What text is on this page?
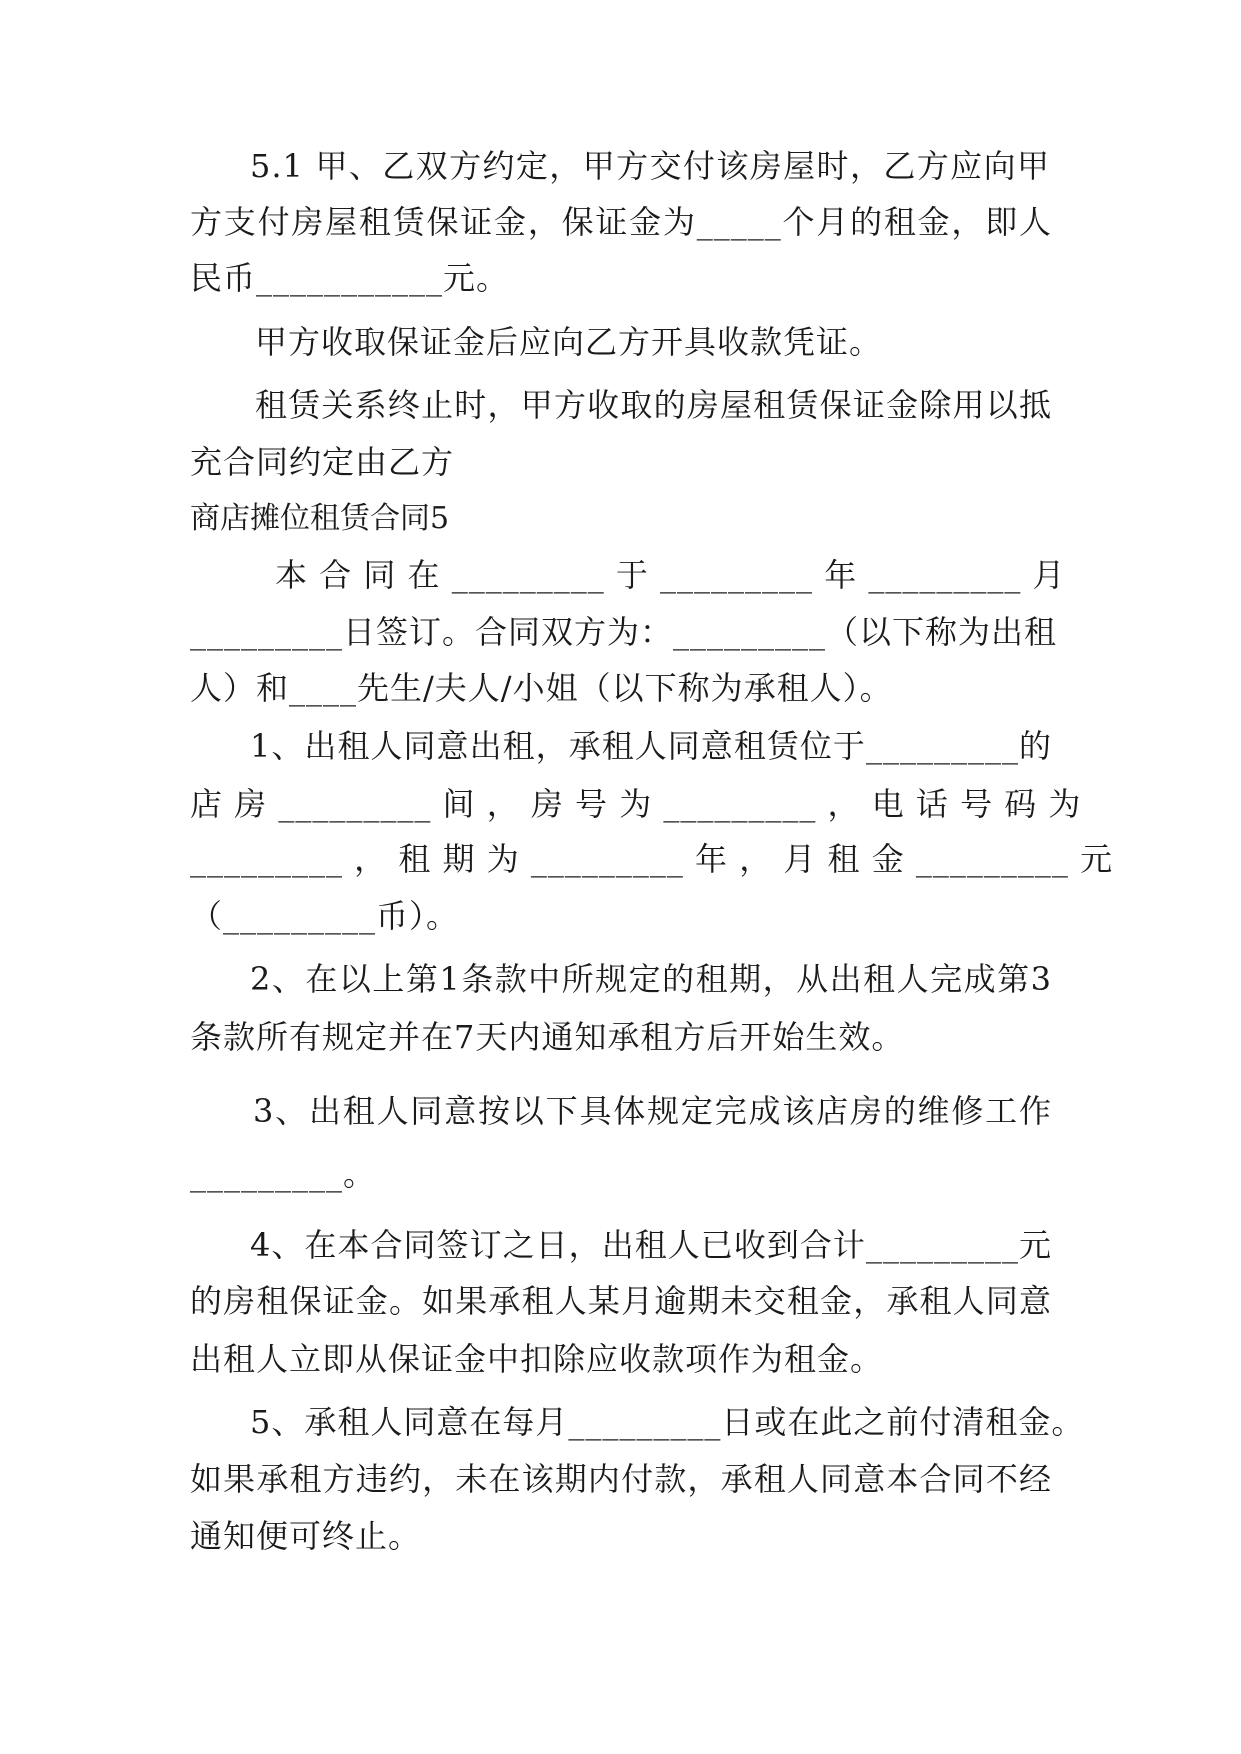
5.1 甲、乙双方约定，甲方交付该房屋时，乙方应向甲
方支付房屋租赁保证金，保证金为_____个月的租金，即人
民币___________元。
甲方收取保证金后应向乙方开具收款凭证。
租赁关系终止时，甲方收取的房屋租赁保证金除用以抵
充合同约定由乙方
商店摊位租赁合同5
本 合 同 在 _________ 于 _________ 年 _________ 月
_________日签订。合同双方为：_________（以下称为出租
人）和____先生/夫人/小姐（以下称为承租人）。
1、出租人同意出租，承租人同意租赁位于_________的
店 房 _________ 间 ， 房 号 为 _________ ， 电 话 号 码 为
_________ ， 租 期 为 _________ 年 ， 月 租 金 _________ 元
（_________币）。
2、在以上第1条款中所规定的租期，从出租人完成第3
条款所有规定并在7天内通知承租方后开始生效。
3、出租人同意按以下具体规定完成该店房的维修工作
_________。
4、在本合同签订之日，出租人已收到合计_________元
的房租保证金。如果承租人某月逾期未交租金，承租人同意
出租人立即从保证金中扣除应收款项作为租金。
5、承租人同意在每月_________日或在此之前付清租金。
如果承租方违约，未在该期内付款，承租人同意本合同不经
通知便可终止。
